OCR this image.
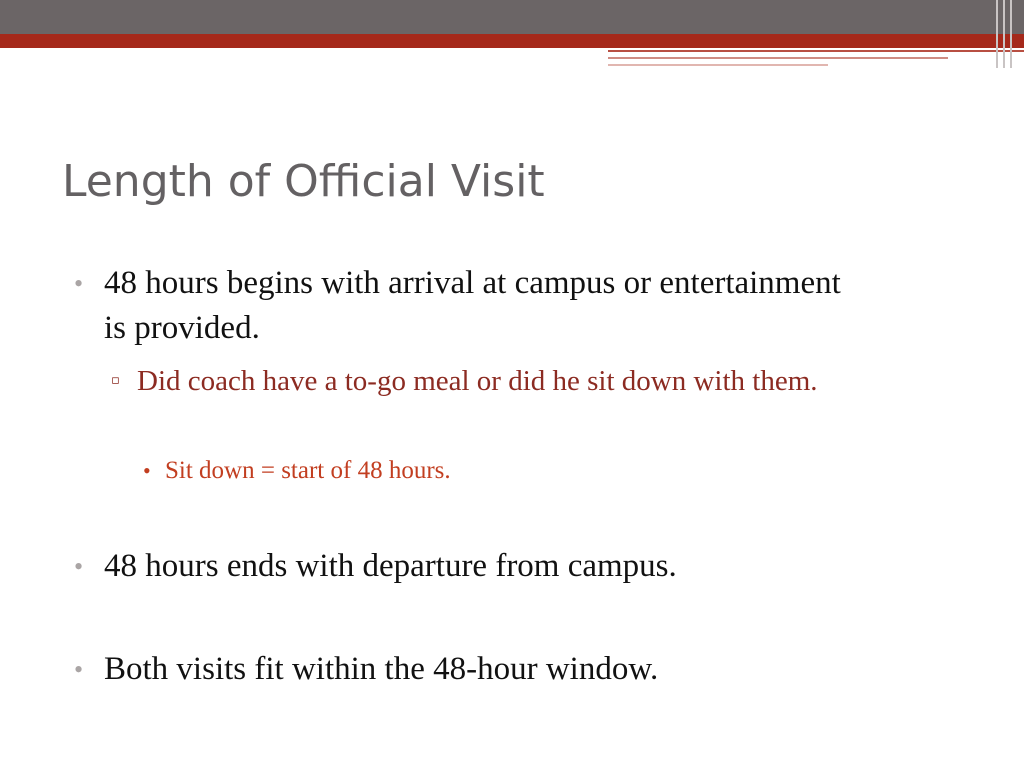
Length of Official Visit
• 48 hours begins with arrival at campus or entertainment is provided.
▫ Did coach have a to-go meal or did he sit down with them.
• Sit down = start of 48 hours.
• 48 hours ends with departure from campus.
• Both visits fit within the 48-hour window.
